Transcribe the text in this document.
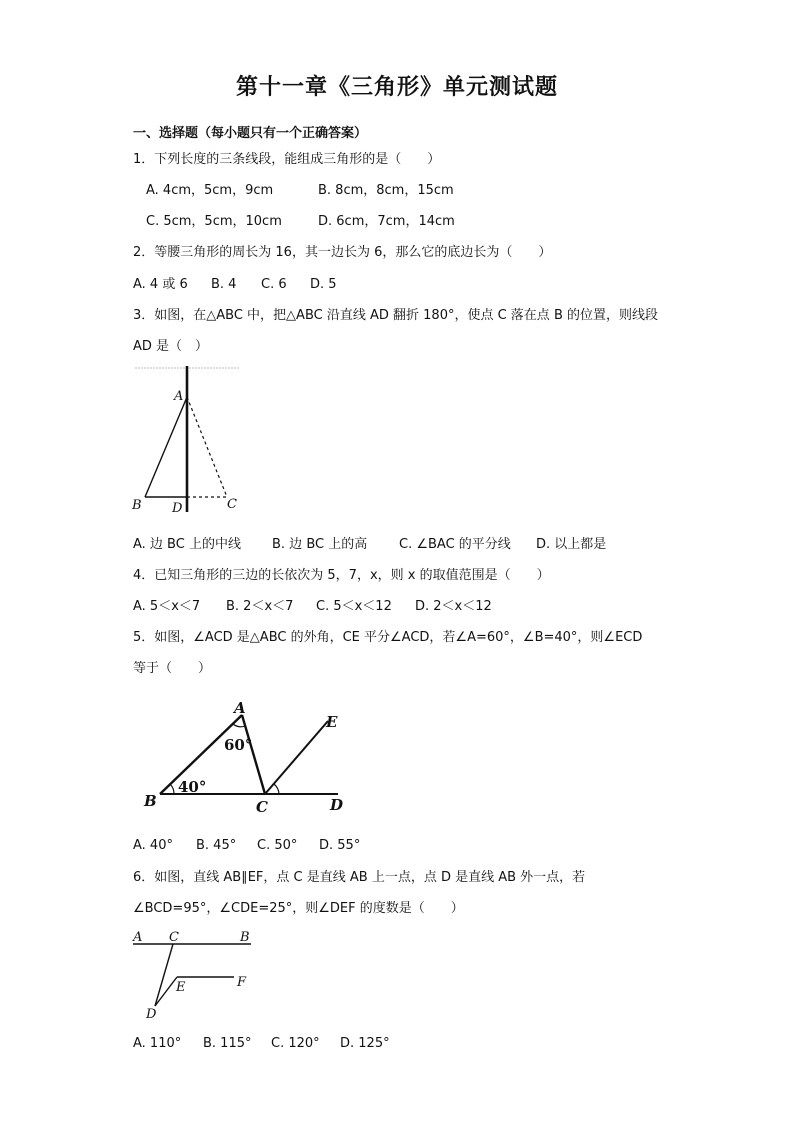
第十一章《三角形》单元测试题
一、选择题（每小题只有一个正确答案）
1．下列长度的三条线段，能组成三角形的是（　　）
A. 4cm，5cm，9cm	B. 8cm，8cm，15cm
C. 5cm，5cm，10cm	D. 6cm，7cm，14cm
2．等腰三角形的周长为 16，其一边长为 6，那么它的底边长为（　　）
A. 4 或 6 B. 4 C. 6 D. 5
3．如图，在△ABC 中，把△ABC 沿直线 AD 翻折 180°，使点 C 落在点 B 的位置，则线段
AD 是（　）
A
B D	C
A. 边 BC 上的中线 B. 边 BC 上的高 C. ∠BAC 的平分线 D. 以上都是
4．已知三角形的三边的长依次为 5，7，x，则 x 的取值范围是（　　）
A. 5＜x＜7 B. 2＜x＜7 C. 5＜x＜12 D. 2＜x＜12
5．如图，∠ACD 是△ABC 的外角，CE 平分∠ACD，若∠A=60°，∠B=40°，则∠ECD
等于（　　）
A
B	C	D
E
60°
40°
A. 40° B. 45° C. 50° D. 55°
6．如图，直线 AB∥EF，点 C 是直线 AB 上一点，点 D 是直线 AB 外一点，若
∠BCD=95°，∠CDE=25°，则∠DEF 的度数是（　　）
A C	B
E	F
D
A. 110° B. 115° C. 120° D. 125°
